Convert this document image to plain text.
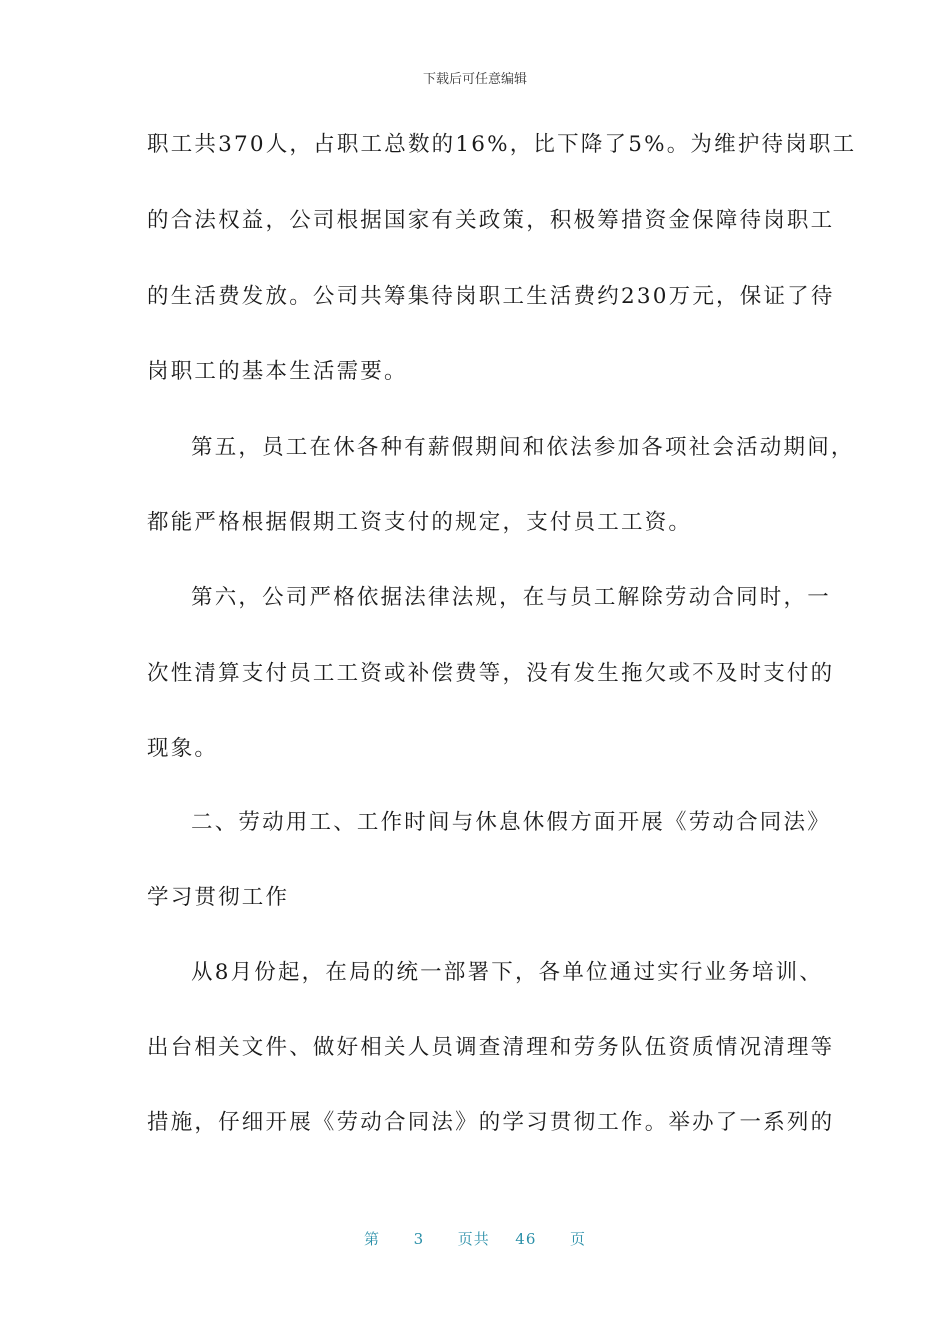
下载后可任意编辑
职工共370人，占职工总数的16%，比下降了5%。为维护待岗职工
的合法权益，公司根据国家有关政策，积极筹措资金保障待岗职工
的生活费发放。公司共筹集待岗职工生活费约230万元，保证了待
岗职工的基本生活需要。
第五，员工在休各种有薪假期间和依法参加各项社会活动期间，
都能严格根据假期工资支付的规定，支付员工工资。
第六，公司严格依据法律法规，在与员工解除劳动合同时，一
次性清算支付员工工资或补偿费等，没有发生拖欠或不及时支付的
现象。
二、劳动用工、工作时间与休息休假方面开展《劳动合同法》
学习贯彻工作
从8月份起，在局的统一部署下，各单位通过实行业务培训、
出台相关文件、做好相关人员调查清理和劳务队伍资质情况清理等
措施，仔细开展《劳动合同法》的学习贯彻工作。举办了一系列的
第 3 页共 46 页
